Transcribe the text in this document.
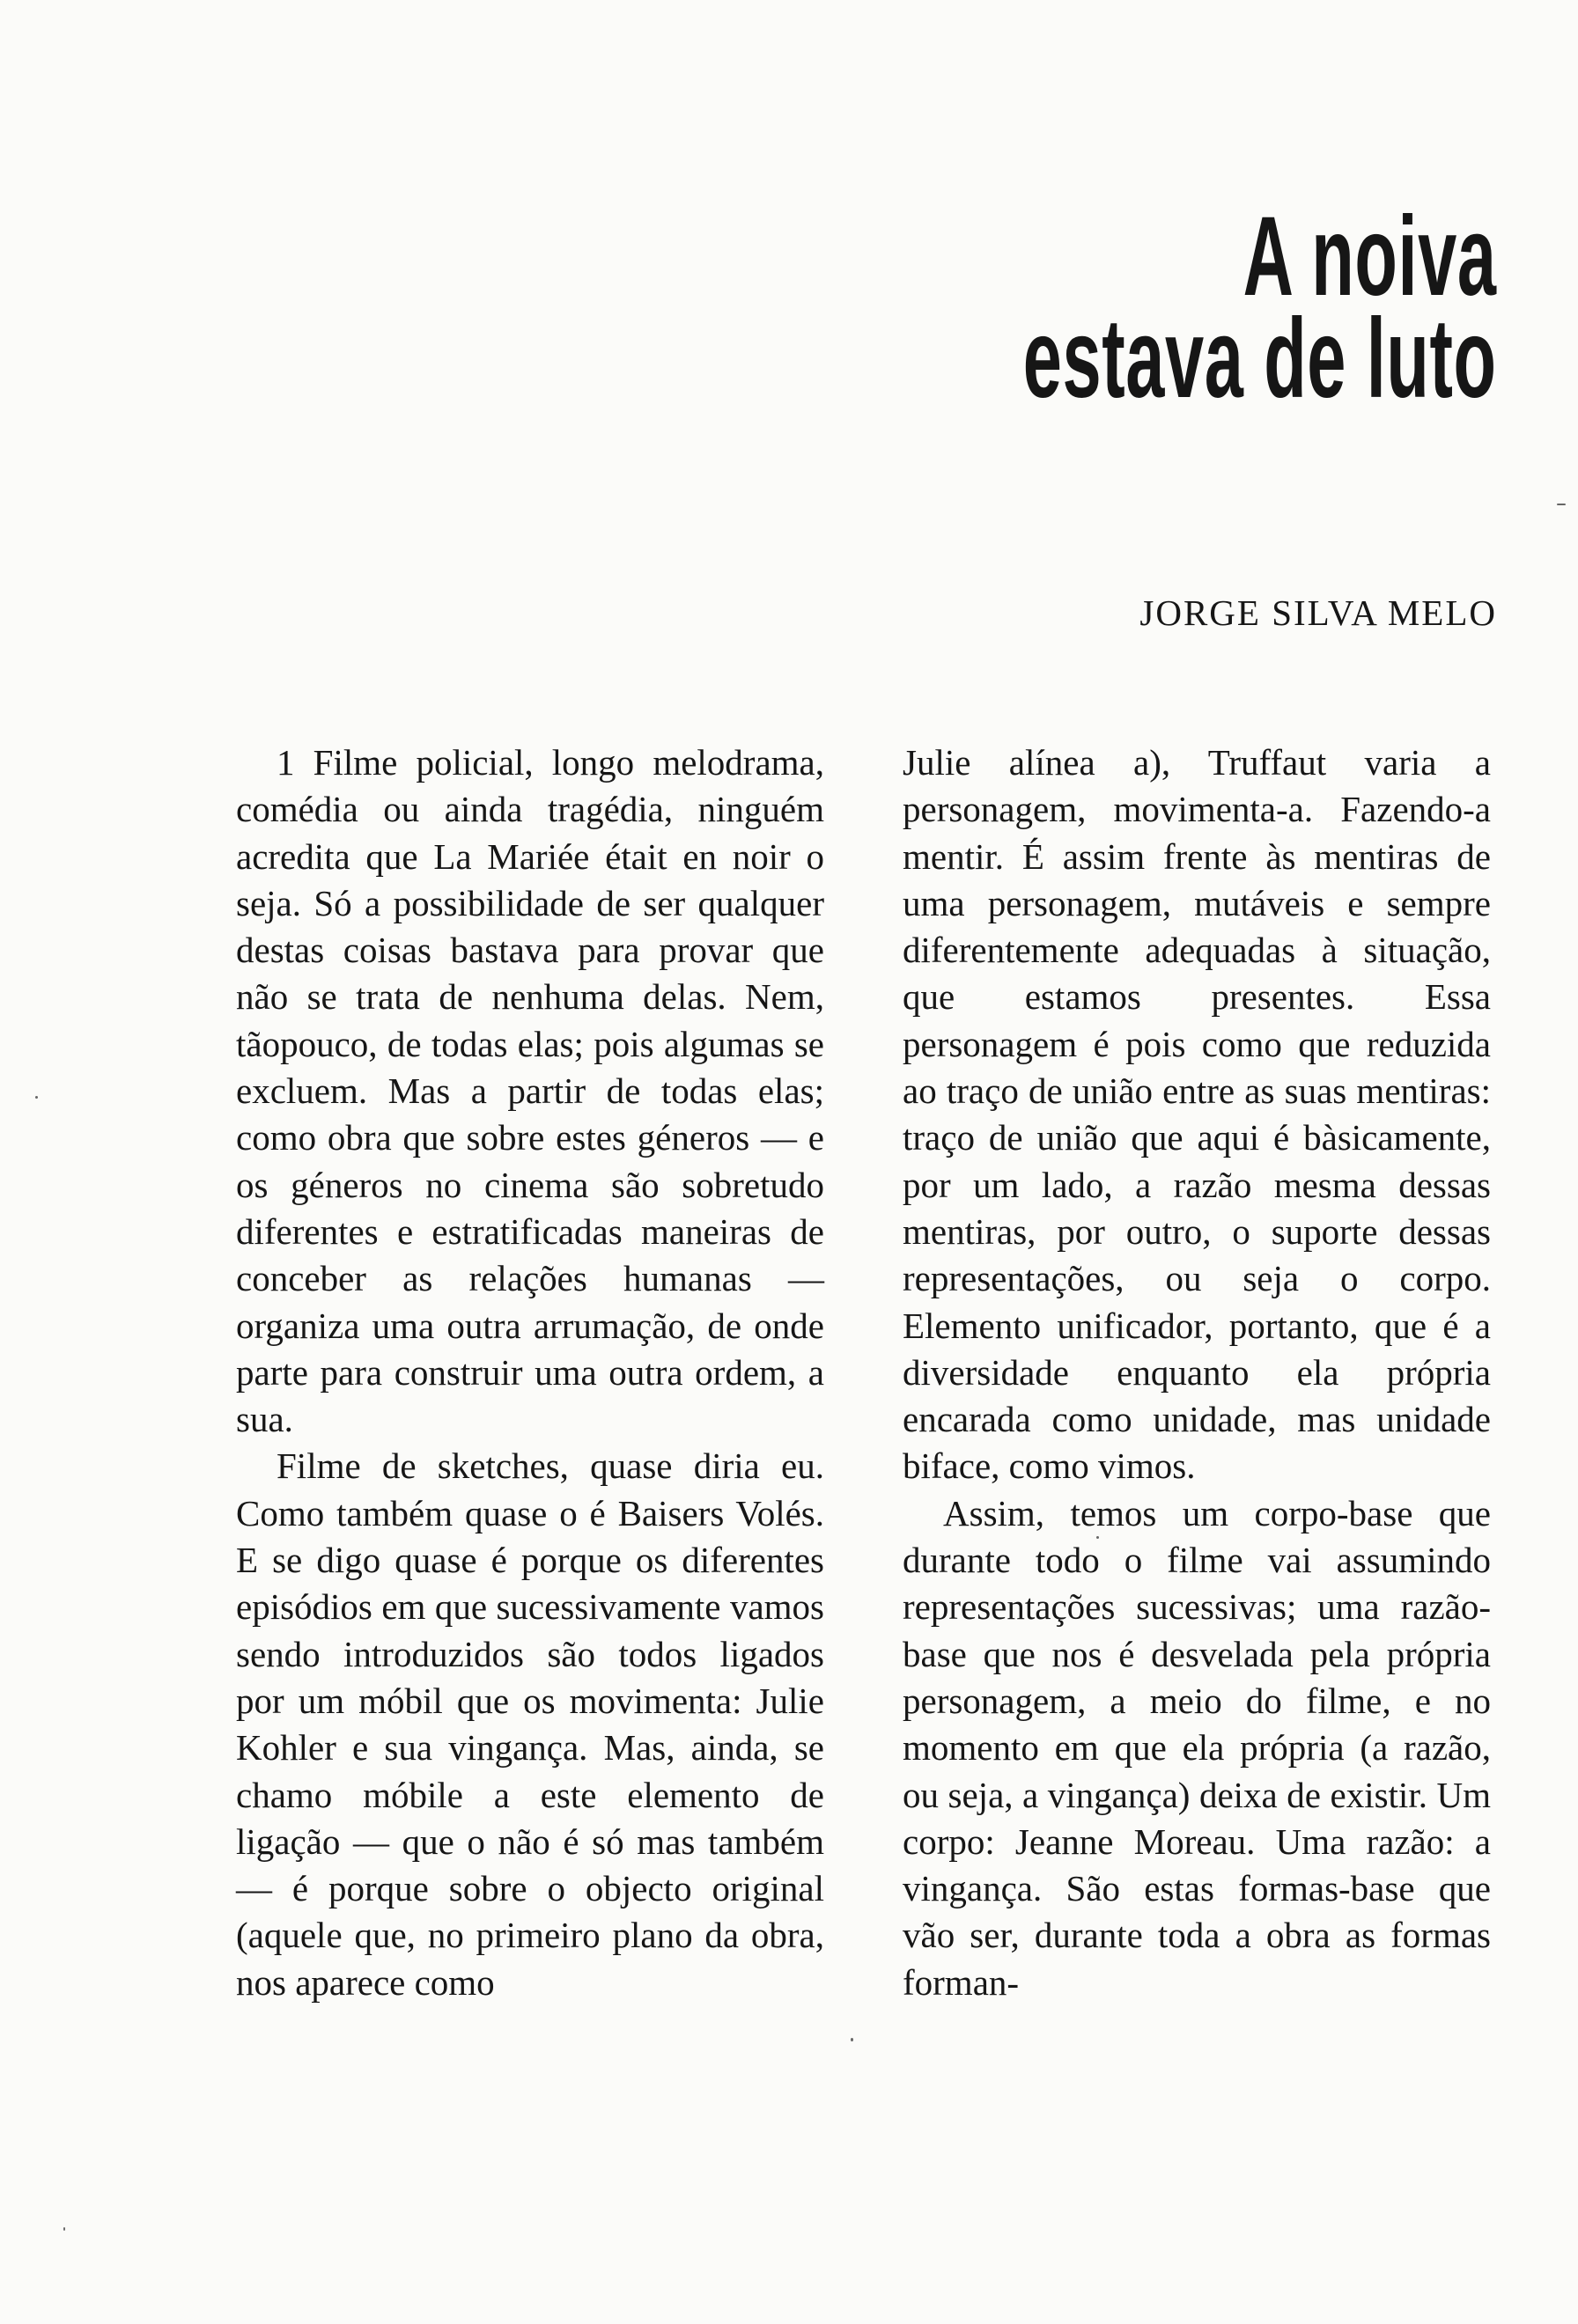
A noiva
estava de luto

JORGE SILVA MELO

1 Filme policial, longo melodrama, comédia ou ainda tragédia, ninguém acredita que La Mariée était en noir o seja. Só a possibilidade de ser qualquer destas coisas bastava para provar que não se trata de nenhuma delas. Nem, tãopouco, de todas elas; pois algumas se excluem. Mas a partir de todas elas; como obra que sobre estes géneros — e os géneros no cinema são sobretudo diferentes e estratificadas maneiras de conceber as relações humanas — organiza uma outra arrumação, de onde parte para construir uma outra ordem, a sua.

Filme de sketches, quase diria eu. Como também quase o é Baisers Volés. E se digo quase é porque os diferentes episódios em que sucessivamente vamos sendo introduzidos são todos ligados por um móbil que os movimenta: Julie Kohler e sua vingança. Mas, ainda, se chamo móbile a este elemento de ligação — que o não é só mas também — é porque sobre o objecto original (aquele que, no primeiro plano da obra, nos aparece como

Julie alínea a), Truffaut varia a personagem, movimenta-a. Fazendo-a mentir. É assim frente às mentiras de uma personagem, mutáveis e sempre diferentemente adequadas à situação, que estamos presentes. Essa personagem é pois como que reduzida ao traço de união entre as suas mentiras: traço de união que aqui é bàsicamente, por um lado, a razão mesma dessas mentiras, por outro, o suporte dessas representações, ou seja o corpo. Elemento unificador, portanto, que é a diversidade enquanto ela própria encarada como unidade, mas unidade biface, como vimos.

Assim, temos um corpo-base que durante todo o filme vai assumindo representações sucessivas; uma razão-base que nos é desvelada pela própria personagem, a meio do filme, e no momento em que ela própria (a razão, ou seja, a vingança) deixa de existir. Um corpo: Jeanne Moreau. Uma razão: a vingança. São estas formas-base que vão ser, durante toda a obra as formas forman-
